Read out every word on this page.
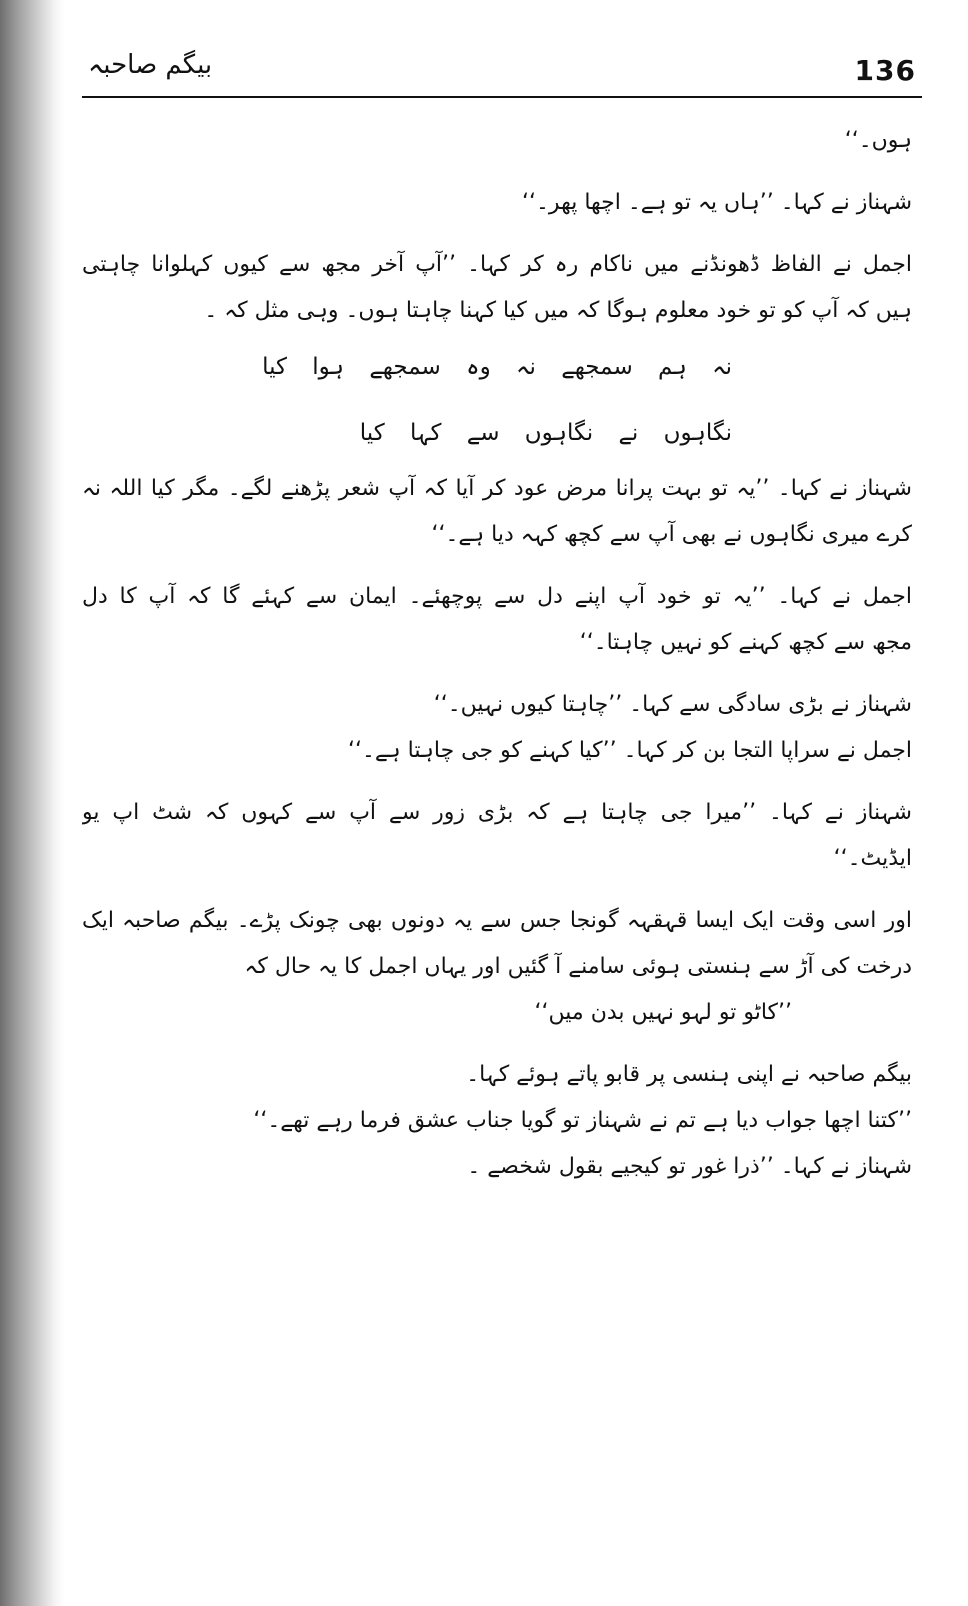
136
بیگم صاحبہ
ہوں۔‘‘
شہناز نے کہا۔ ’’ہاں یہ تو ہے۔ اچھا پھر۔‘‘
اجمل نے الفاظ ڈھونڈنے میں ناکام رہ کر کہا۔ ’’آپ آخر مجھ سے کیوں کہلوانا چاہتی
ہیں کہ آپ کو تو خود معلوم ہوگا کہ میں کیا کہنا چاہتا ہوں۔ وہی مثل کہ ۔
نہ ہم سمجھے نہ وہ سمجھے ہوا کیا
نگاہوں نے نگاہوں سے کہا کیا
شہناز نے کہا۔ ’’یہ تو بہت پرانا مرض عود کر آیا کہ آپ شعر پڑھنے لگے۔ مگر کیا اللہ نہ
کرے میری نگاہوں نے بھی آپ سے کچھ کہہ دیا ہے۔‘‘
اجمل نے کہا۔ ’’یہ تو خود آپ اپنے دل سے پوچھئے۔ ایمان سے کہئے گا کہ آپ کا دل
مجھ سے کچھ کہنے کو نہیں چاہتا۔‘‘
شہناز نے بڑی سادگی سے کہا۔ ’’چاہتا کیوں نہیں۔‘‘
اجمل نے سراپا التجا بن کر کہا۔ ’’کیا کہنے کو جی چاہتا ہے۔‘‘
شہناز نے کہا۔ ’’میرا جی چاہتا ہے کہ بڑی زور سے آپ سے کہوں کہ شٹ اپ یو
ایڈیٹ۔‘‘
اور اسی وقت ایک ایسا قہقہہ گونجا جس سے یہ دونوں بھی چونک پڑے۔ بیگم صاحبہ ایک
درخت کی آڑ سے ہنستی ہوئی سامنے آ گئیں اور یہاں اجمل کا یہ حال کہ
’’کاٹو تو لہو نہیں بدن میں‘‘
بیگم صاحبہ نے اپنی ہنسی پر قابو پاتے ہوئے کہا۔
’’کتنا اچھا جواب دیا ہے تم نے شہناز تو گویا جناب عشق فرما رہے تھے۔‘‘
شہناز نے کہا۔ ’’ذرا غور تو کیجیے بقول شخصے ۔
